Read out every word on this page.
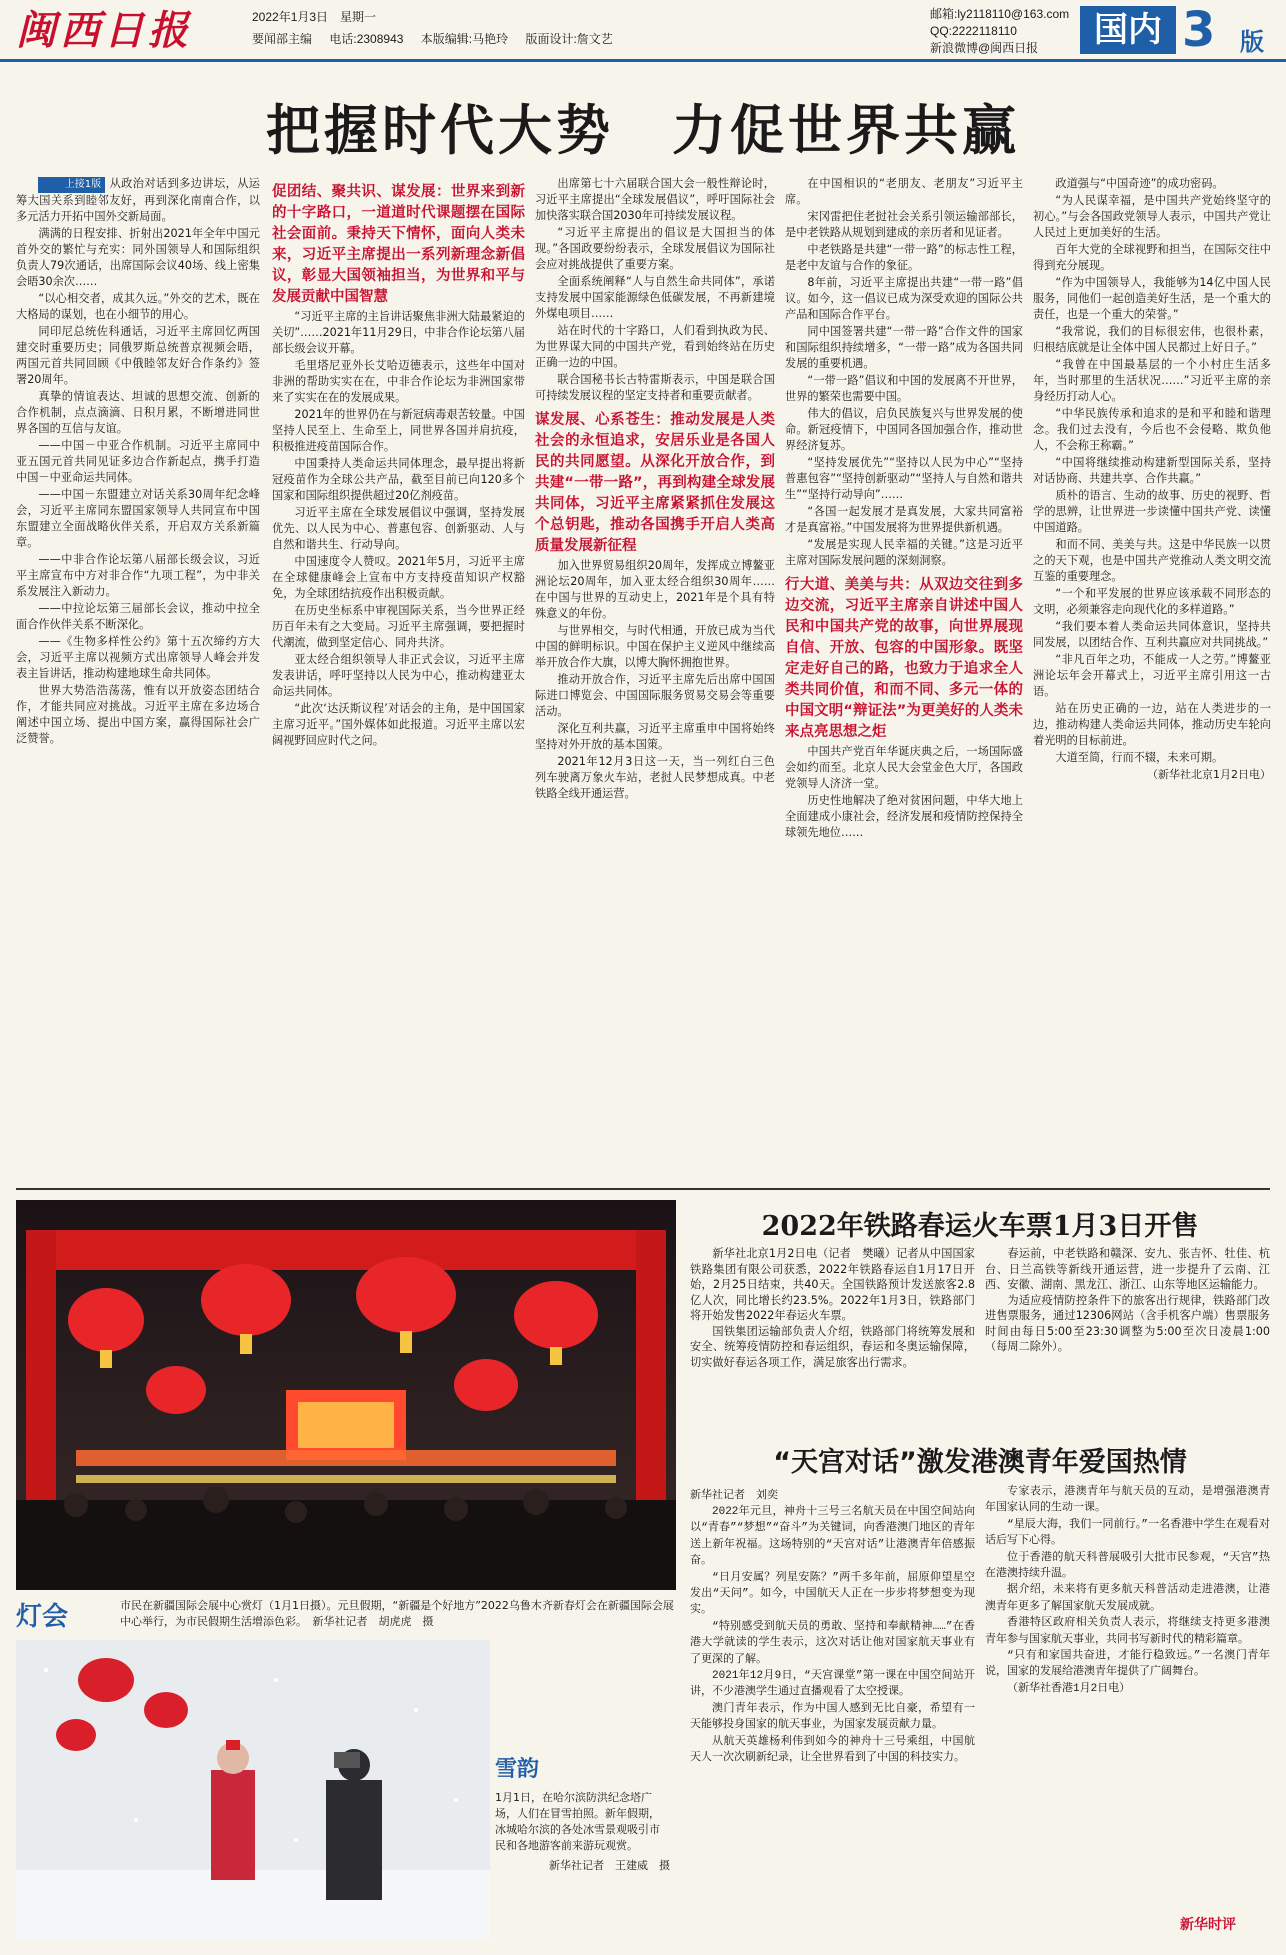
闽西日报	2022年1月3日　星期一
要闻部主编 电话:2308943 本版编辑:马艳玲 版面设计:詹文艺
邮箱:ly2118110@163.com
QQ:2222118110
新浪微博@闽西日报	国内 3 版
把握时代大势　力促世界共赢

上接1版 从政治对话到多边讲坛，从运筹大国关系到睦邻友好，再到深化南南合作，以多元活力开拓中国外交新局面。

满满的日程安排、折射出2021年全年中国元首外交的繁忙与充实：同外国领导人和国际组织负责人79次通话，出席国际会议40场、线上密集会晤30余次……

“以心相交者，成其久远。”外交的艺术，既在大格局的谋划，也在小细节的用心。

同印尼总统佐科通话，习近平主席回忆两国建交时重要历史；同俄罗斯总统普京视频会晤，两国元首共同回顾《中俄睦邻友好合作条约》签署20周年。

真挚的情谊表达、坦诚的思想交流、创新的合作机制，点点滴滴、日积月累，不断增进同世界各国的互信与友谊。

——中国－中亚合作机制。习近平主席同中亚五国元首共同见证多边合作新起点，携手打造中国－中亚命运共同体。

——中国－东盟建立对话关系30周年纪念峰会，习近平主席同东盟国家领导人共同宣布中国东盟建立全面战略伙伴关系，开启双方关系新篇章。

——中非合作论坛第八届部长级会议，习近平主席宣布中方对非合作“九项工程”，为中非关系发展注入新动力。

——中拉论坛第三届部长会议，推动中拉全面合作伙伴关系不断深化。

——《生物多样性公约》第十五次缔约方大会，习近平主席以视频方式出席领导人峰会并发表主旨讲话，推动构建地球生命共同体。

世界大势浩浩荡荡，惟有以开放姿态团结合作，才能共同应对挑战。习近平主席在多边场合阐述中国立场、提出中国方案，赢得国际社会广泛赞誉。

促团结、聚共识、谋发展：世界来到新的十字路口，一道道时代课题摆在国际社会面前。秉持天下情怀，面向人类未来，习近平主席提出一系列新理念新倡议，彰显大国领袖担当，为世界和平与发展贡献中国智慧

“习近平主席的主旨讲话聚焦非洲大陆最紧迫的关切”……2021年11月29日，中非合作论坛第八届部长级会议开幕。

毛里塔尼亚外长艾哈迈德表示，这些年中国对非洲的帮助实实在在，中非合作论坛为非洲国家带来了实实在在的发展成果。

2021年的世界仍在与新冠病毒艰苦较量。中国坚持人民至上、生命至上，同世界各国并肩抗疫，积极推进疫苗国际合作。

中国秉持人类命运共同体理念，最早提出将新冠疫苗作为全球公共产品，截至目前已向120多个国家和国际组织提供超过20亿剂疫苗。

习近平主席在全球发展倡议中强调，坚持发展优先、以人民为中心、普惠包容、创新驱动、人与自然和谐共生、行动导向。

中国速度令人赞叹。2021年5月，习近平主席在全球健康峰会上宣布中方支持疫苗知识产权豁免，为全球团结抗疫作出积极贡献。

在历史坐标系中审视国际关系，当今世界正经历百年未有之大变局。习近平主席强调，要把握时代潮流，做到坚定信心、同舟共济。

亚太经合组织领导人非正式会议，习近平主席发表讲话，呼吁坚持以人民为中心，推动构建亚太命运共同体。

“此次‘达沃斯议程’对话会的主角，是中国国家主席习近平。”国外媒体如此报道。习近平主席以宏阔视野回应时代之问。

出席第七十六届联合国大会一般性辩论时，习近平主席提出“全球发展倡议”，呼吁国际社会加快落实联合国2030年可持续发展议程。

“习近平主席提出的倡议是大国担当的体现。”各国政要纷纷表示，全球发展倡议为国际社会应对挑战提供了重要方案。

全面系统阐释“人与自然生命共同体”，承诺支持发展中国家能源绿色低碳发展，不再新建境外煤电项目……

站在时代的十字路口，人们看到执政为民、为世界谋大同的中国共产党，看到始终站在历史正确一边的中国。

联合国秘书长古特雷斯表示，中国是联合国可持续发展议程的坚定支持者和重要贡献者。

谋发展、心系苍生：推动发展是人类社会的永恒追求，安居乐业是各国人民的共同愿望。从深化开放合作，到共建“一带一路”，再到构建全球发展共同体，习近平主席紧紧抓住发展这个总钥匙，推动各国携手开启人类高质量发展新征程

加入世界贸易组织20周年，发挥成立博鳌亚洲论坛20周年，加入亚太经合组织30周年……在中国与世界的互动史上，2021年是个具有特殊意义的年份。

与世界相交，与时代相通，开放已成为当代中国的鲜明标识。中国在保护主义逆风中继续高举开放合作大旗，以博大胸怀拥抱世界。

推动开放合作，习近平主席先后出席中国国际进口博览会、中国国际服务贸易交易会等重要活动。

深化互利共赢，习近平主席重申中国将始终坚持对外开放的基本国策。

2021年12月3日这一天，当一列红白三色列车驶离万象火车站，老挝人民梦想成真。中老铁路全线开通运营。

在中国相识的“老朋友、老朋友”习近平主席。

宋冈雷把住老挝社会关系引领运输部部长，是中老铁路从规划到建成的亲历者和见证者。

中老铁路是共建“一带一路”的标志性工程，是老中友谊与合作的象征。

8年前，习近平主席提出共建“一带一路”倡议。如今，这一倡议已成为深受欢迎的国际公共产品和国际合作平台。

同中国签署共建“一带一路”合作文件的国家和国际组织持续增多，“一带一路”成为各国共同发展的重要机遇。

“一带一路”倡议和中国的发展离不开世界，世界的繁荣也需要中国。

伟大的倡议，启负民族复兴与世界发展的使命。新冠疫情下，中国同各国加强合作，推动世界经济复苏。

“坚持发展优先”“坚持以人民为中心”“坚持普惠包容”“坚持创新驱动”“坚持人与自然和谐共生”“坚持行动导向”……

“各国一起发展才是真发展，大家共同富裕才是真富裕。”中国发展将为世界提供新机遇。

“发展是实现人民幸福的关键。”这是习近平主席对国际发展问题的深刻洞察。

行大道、美美与共：从双边交往到多边交流，习近平主席亲自讲述中国人民和中国共产党的故事，向世界展现自信、开放、包容的中国形象。既坚定走好自己的路，也致力于追求全人类共同价值，和而不同、多元一体的中国文明“辩证法”为更美好的人类未来点亮思想之炬

中国共产党百年华诞庆典之后，一场国际盛会如约而至。北京人民大会堂金色大厅，各国政党领导人济济一堂。

历史性地解决了绝对贫困问题，中华大地上全面建成小康社会，经济发展和疫情防控保持全球领先地位……

政道强与“中国奇迹”的成功密码。

“为人民谋幸福，是中国共产党始终坚守的初心。”与会各国政党领导人表示，中国共产党让人民过上更加美好的生活。

百年大党的全球视野和担当，在国际交往中得到充分展现。

“作为中国领导人，我能够为14亿中国人民服务，同他们一起创造美好生活，是一个重大的责任，也是一个重大的荣誉。”

“我常说，我们的目标很宏伟，也很朴素，归根结底就是让全体中国人民都过上好日子。”

“我曾在中国最基层的一个小村庄生活多年，当时那里的生活状况……”习近平主席的亲身经历打动人心。

“中华民族传承和追求的是和平和睦和谐理念。我们过去没有，今后也不会侵略、欺负他人，不会称王称霸。”

“中国将继续推动构建新型国际关系，坚持对话协商、共建共享、合作共赢。”

质朴的语言、生动的故事、历史的视野、哲学的思辨，让世界进一步读懂中国共产党、读懂中国道路。

和而不同、美美与共。这是中华民族一以贯之的天下观，也是中国共产党推动人类文明交流互鉴的重要理念。

“一个和平发展的世界应该承载不同形态的文明，必须兼容走向现代化的多样道路。”

“我们要本着人类命运共同体意识，坚持共同发展，以团结合作、互利共赢应对共同挑战。”

“非凡百年之功，不能成一人之劳。”博鳌亚洲论坛年会开幕式上，习近平主席引用这一古语。

站在历史正确的一边，站在人类进步的一边，推动构建人类命运共同体，推动历史车轮向着光明的目标前进。

大道至简，行而不辍，未来可期。

（新华社北京1月2日电）

灯会	市民在新疆国际会展中心赏灯（1月1日摄）。元旦假期，“新疆是个好地方”2022乌鲁木齐新春灯会在新疆国际会展中心举行，为市民假期生活增添色彩。　新华社记者　胡虎虎　摄
雪韵
1月1日，在哈尔滨防洪纪念塔广场，人们在冒雪拍照。新年假期，冰城哈尔滨的各处冰雪景观吸引市民和各地游客前来游玩观赏。
新华社记者　王建威　摄
2022年铁路春运火车票1月3日开售

新华社北京1月2日电（记者　樊曦）记者从中国国家铁路集团有限公司获悉，2022年铁路春运自1月17日开始，2月25日结束，共40天。全国铁路预计发送旅客2.8亿人次，同比增长约23.5%。2022年1月3日，铁路部门将开始发售2022年春运火车票。

国铁集团运输部负责人介绍，铁路部门将统筹发展和安全、统筹疫情防控和春运组织，春运和冬奥运输保障，切实做好春运各项工作，满足旅客出行需求。

春运前，中老铁路和赣深、安九、张吉怀、牡佳、杭台、日兰高铁等新线开通运营，进一步提升了云南、江西、安徽、湖南、黑龙江、浙江、山东等地区运输能力。

为适应疫情防控条件下的旅客出行规律，铁路部门改进售票服务，通过12306网站（含手机客户端）售票服务时间由每日5:00至23:30调整为5:00至次日凌晨1:00（每周二除外）。

“天宫对话”激发港澳青年爱国热情
新华社记者　刘奕

2022年元旦，神舟十三号三名航天员在中国空间站向以“青春”“梦想”“奋斗”为关键词，向香港澳门地区的青年送上新年祝福。这场特别的“天宫对话”让港澳青年倍感振奋。

“日月安属？列星安陈？”两千多年前，屈原仰望星空发出“天问”。如今，中国航天人正在一步步将梦想变为现实。

“特别感受到航天员的勇敢、坚持和奉献精神……”在香港大学就读的学生表示，这次对话让他对国家航天事业有了更深的了解。

2021年12月9日，“天宫课堂”第一课在中国空间站开讲，不少港澳学生通过直播观看了太空授课。

澳门青年表示，作为中国人感到无比自豪，希望有一天能够投身国家的航天事业，为国家发展贡献力量。

从航天英雄杨利伟到如今的神舟十三号乘组，中国航天人一次次刷新纪录，让全世界看到了中国的科技实力。

专家表示，港澳青年与航天员的互动，是增强港澳青年国家认同的生动一课。

“星辰大海，我们一同前行。”一名香港中学生在观看对话后写下心得。

位于香港的航天科普展吸引大批市民参观，“天宫”热在港澳持续升温。

据介绍，未来将有更多航天科普活动走进港澳，让港澳青年更多了解国家航天发展成就。

香港特区政府相关负责人表示，将继续支持更多港澳青年参与国家航天事业，共同书写新时代的精彩篇章。

“只有和家国共奋进，才能行稳致远。”一名澳门青年说，国家的发展给港澳青年提供了广阔舞台。

（新华社香港1月2日电）

新华时评
